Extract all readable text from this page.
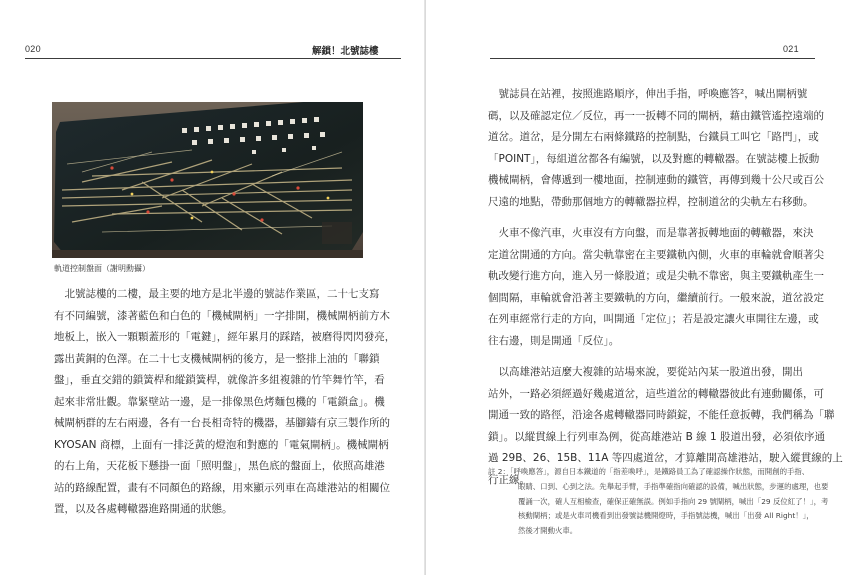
020	解鎖！北號誌樓
軌道控制盤面（謝明勳攝）

　北號誌樓的二樓，最主要的地方是北半邊的號誌作業區，二十七支寫

有不同編號，漆著藍色和白色的「機械閘柄」一字排開，機械閘柄前方木

地板上，嵌入一顆顆蓋形的「電鍵」，經年累月的踩踏，被磨得閃閃發亮，

露出黃銅的色澤。在二十七支機械閘柄的後方，是一整排上油的「聯鎖

盤」，垂直交錯的鎖簧桿和縱鎖簧桿，就像許多組複雜的竹竿舞竹竿，看

起來非常壯觀。靠緊壁站一邊，是一排像黑色烤麵包機的「電鎖盒」。機

械閘柄群的左右兩邊，各有一台長相奇特的機器，基腳鑄有京三製作所的

KYOSAN 商標，上面有一排泛黃的燈泡和對應的「電氣閘柄」。機械閘柄

的右上角，天花板下懸掛一面「照明盤」，黑色底的盤面上，依照高雄港

站的路線配置，畫有不同顏色的路線，用來顯示列車在高雄港站的相關位

置，以及各處轉轍器進路開通的狀態。

021

　號誌員在站裡，按照進路順序，伸出手指，呼喚應答²，喊出閘柄號

碼，以及確認定位／反位，再一一扳轉不同的閘柄，藉由鐵管遙控遠端的

道岔。道岔，是分開左右兩條鐵路的控制點，台鐵員工叫它「路門」，或

「POINT」，每組道岔都各有編號，以及對應的轉轍器。在號誌樓上扳動

機械閘柄，會傳遞到一樓地面，控制連動的鐵管，再傳到幾十公尺或百公

尺遠的地點，帶動那個地方的轉轍器拉桿，控制道岔的尖軌左右移動。

　火車不像汽車，火車沒有方向盤，而是靠著扳轉地面的轉轍器，來決

定道岔開通的方向。當尖軌靠密在主要鐵軌內側，火車的車輪就會順著尖

軌改變行進方向，進入另一條股道；或是尖軌不靠密，與主要鐵軌產生一

個間隔，車輪就會沿著主要鐵軌的方向，繼續前行。一般來說，道岔設定

在列車經常行走的方向，叫開通「定位」；若是設定讓火車開往左邊，或

往右邊，則是開通「反位」。

　以高雄港站這麼大複雜的站場來說，要從站內某一股道出發，開出

站外，一路必須經過好幾處道岔，這些道岔的轉轍器彼此有連動關係，可

開通一致的路徑，沿途各處轉轍器同時鎖錠，不能任意扳轉，我們稱為「聯

鎖」。以縱貫線上行列車為例，從高雄港站 B 線 1 股道出發，必須依序通

過 29B、26、15B、11A 等四處道岔，才算離開高雄港站，駛入縱貫線的上

行正線。

註 2：「呼喚應答」，源自日本鐵道的「指差喚呼」，是鐵路員工為了確認操作狀態，而開創的手指、

眼睛、口到、心到之法。先舉起手臂，手指準確指向確認的設備，喊出狀態，步運的處理，也要

覆誦一次，確人互相檢查，確保正確無誤。例如手指向 29 號閘柄，喊出「29 反位紅了！」，考

核動閘柄；或是火車司機看到出發號誌機開燈時，手指號誌機，喊出「出發 All Right！」，

然後才開動火車。
